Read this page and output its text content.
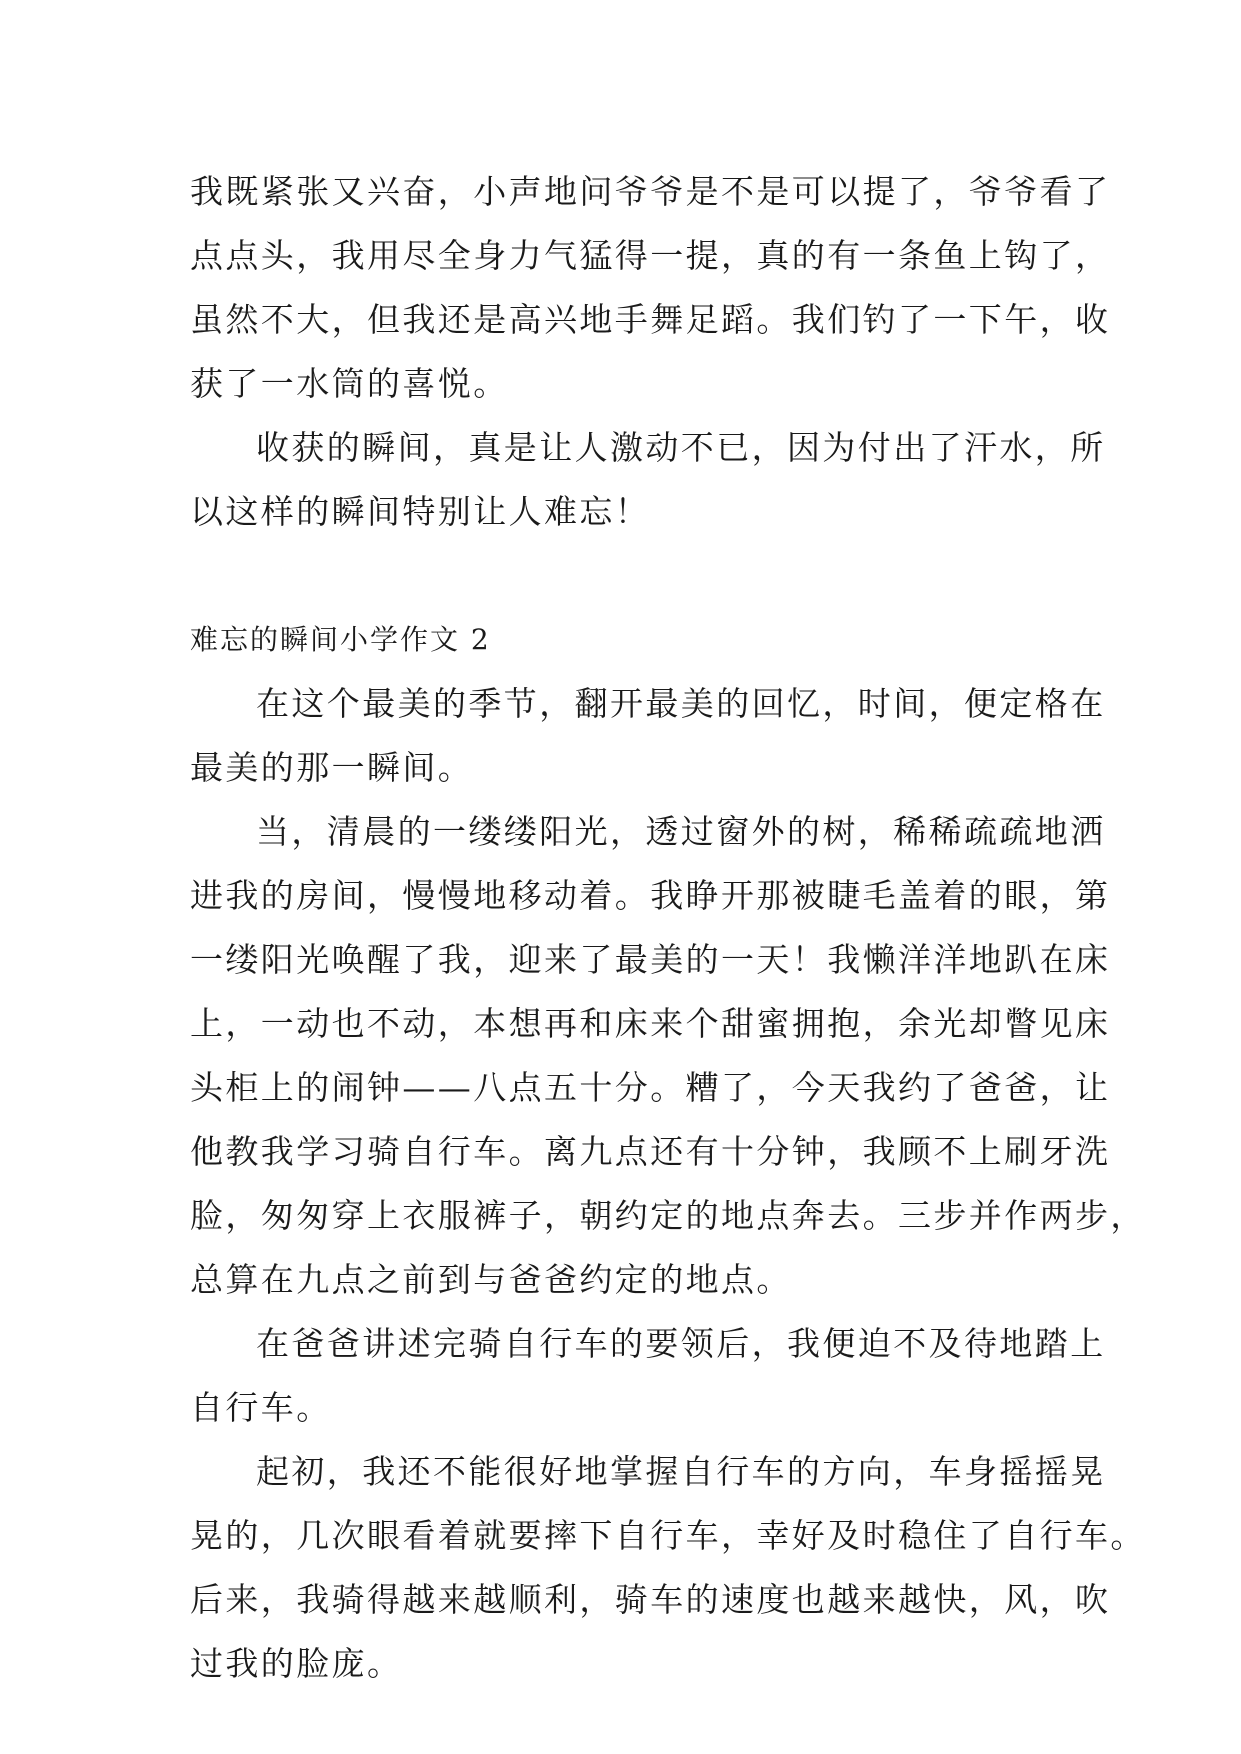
我既紧张又兴奋，小声地问爷爷是不是可以提了，爷爷看了

点点头，我用尽全身力气猛得一提，真的有一条鱼上钩了，

虽然不大，但我还是高兴地手舞足蹈。我们钓了一下午，收

获了一水筒的喜悦。

收获的瞬间，真是让人激动不已，因为付出了汗水，所

以这样的瞬间特别让人难忘！

难忘的瞬间小学作文 2

在这个最美的季节，翻开最美的回忆，时间，便定格在

最美的那一瞬间。

当，清晨的一缕缕阳光，透过窗外的树，稀稀疏疏地洒

进我的房间，慢慢地移动着。我睁开那被睫毛盖着的眼，第

一缕阳光唤醒了我，迎来了最美的一天！我懒洋洋地趴在床

上，一动也不动，本想再和床来个甜蜜拥抱，余光却瞥见床

头柜上的闹钟——八点五十分。糟了，今天我约了爸爸，让

他教我学习骑自行车。离九点还有十分钟，我顾不上刷牙洗

脸，匆匆穿上衣服裤子，朝约定的地点奔去。三步并作两步，

总算在九点之前到与爸爸约定的地点。

在爸爸讲述完骑自行车的要领后，我便迫不及待地踏上

自行车。

起初，我还不能很好地掌握自行车的方向，车身摇摇晃

晃的，几次眼看着就要摔下自行车，幸好及时稳住了自行车。

后来，我骑得越来越顺利，骑车的速度也越来越快，风，吹

过我的脸庞。
